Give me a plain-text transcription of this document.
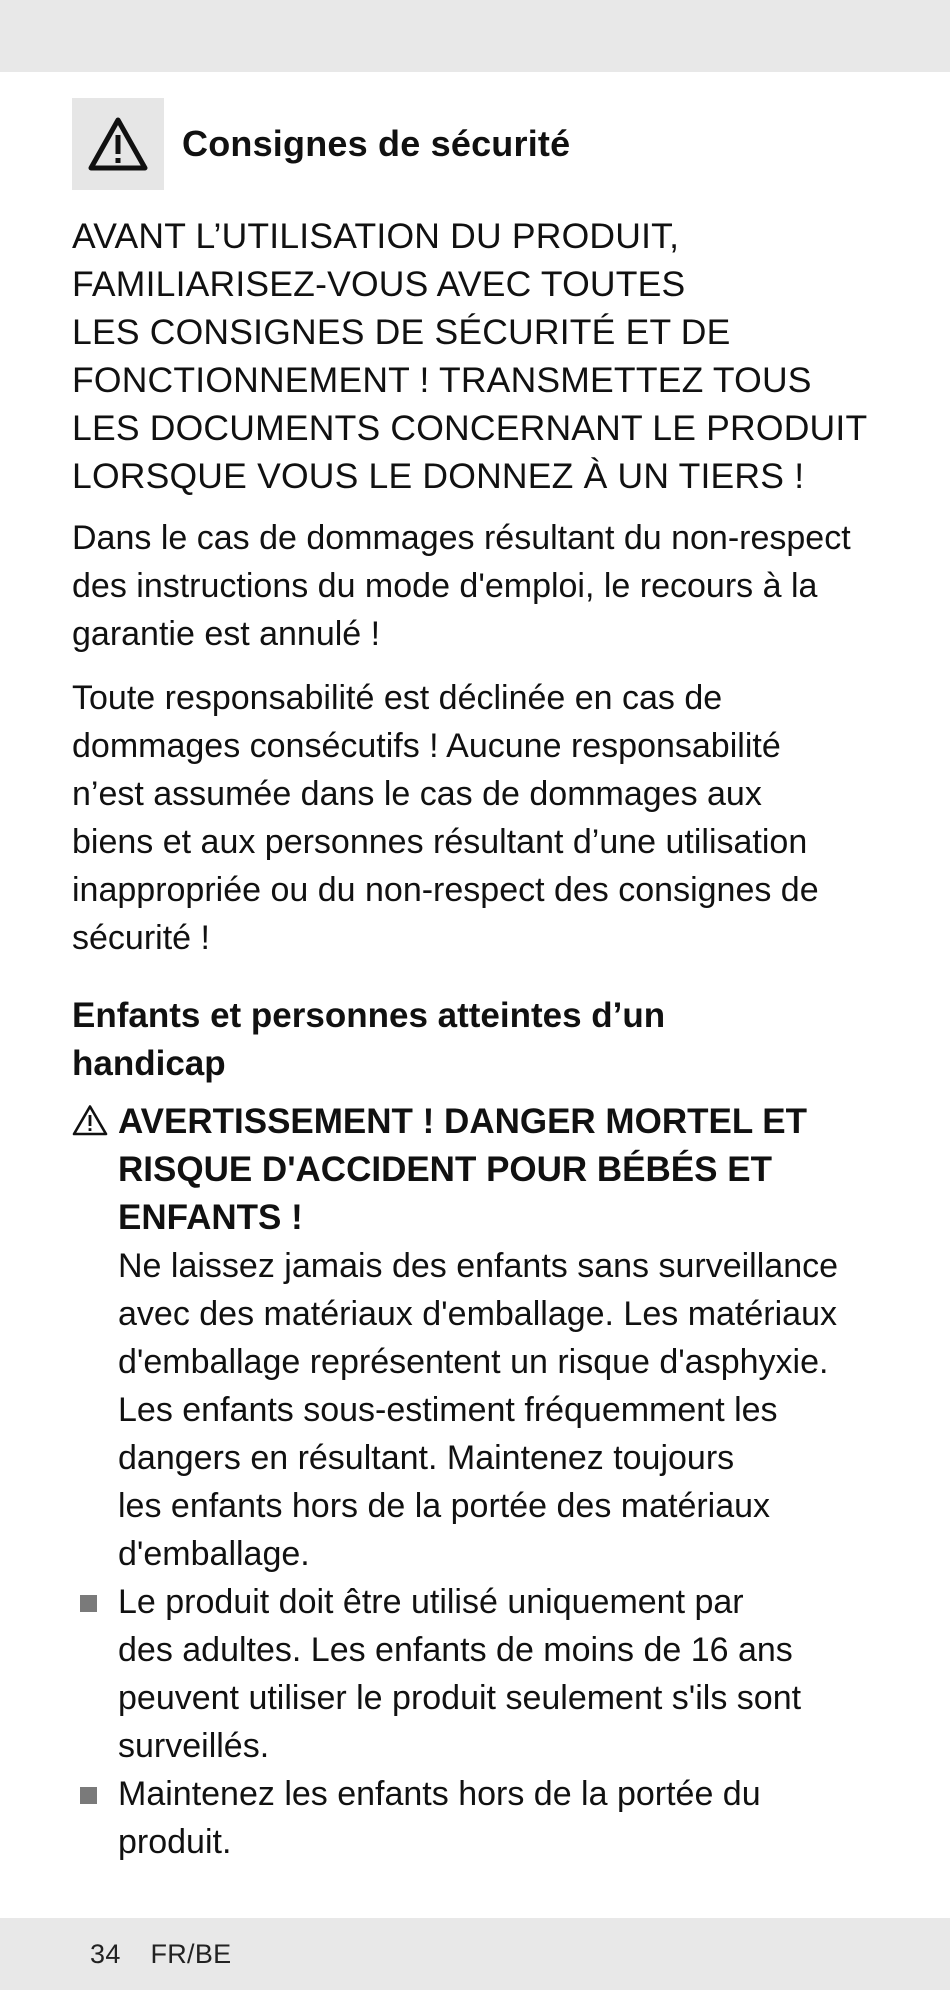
Consignes de sécurité
AVANT L’UTILISATION DU PRODUIT,
FAMILIARISEZ-VOUS AVEC TOUTES
LES CONSIGNES DE SÉCURITÉ ET DE
FONCTIONNEMENT ! TRANSMETTEZ TOUS
LES DOCUMENTS CONCERNANT LE PRODUIT
LORSQUE VOUS LE DONNEZ À UN TIERS !
Dans le cas de dommages résultant du non-respect
des instructions du mode d'emploi, le recours à la
garantie est annulé !
Toute responsabilité est déclinée en cas de
dommages consécutifs ! Aucune responsabilité
n’est assumée dans le cas de dommages aux
biens et aux personnes résultant d’une utilisation
inappropriée ou du non-respect des consignes de
sécurité !
Enfants et personnes atteintes d’un
handicap
AVERTISSEMENT ! DANGER MORTEL ET
RISQUE D'ACCIDENT POUR BÉBÉS ET
ENFANTS !
Ne laissez jamais des enfants sans surveillance
avec des matériaux d'emballage. Les matériaux
d'emballage représentent un risque d'asphyxie.
Les enfants sous-estiment fréquemment les
dangers en résultant. Maintenez toujours
les enfants hors de la portée des matériaux
d'emballage.
Le produit doit être utilisé uniquement par
des adultes. Les enfants de moins de 16 ans
peuvent utiliser le produit seulement s'ils sont
surveillés.
Maintenez les enfants hors de la portée du
produit.
34 FR/BE
